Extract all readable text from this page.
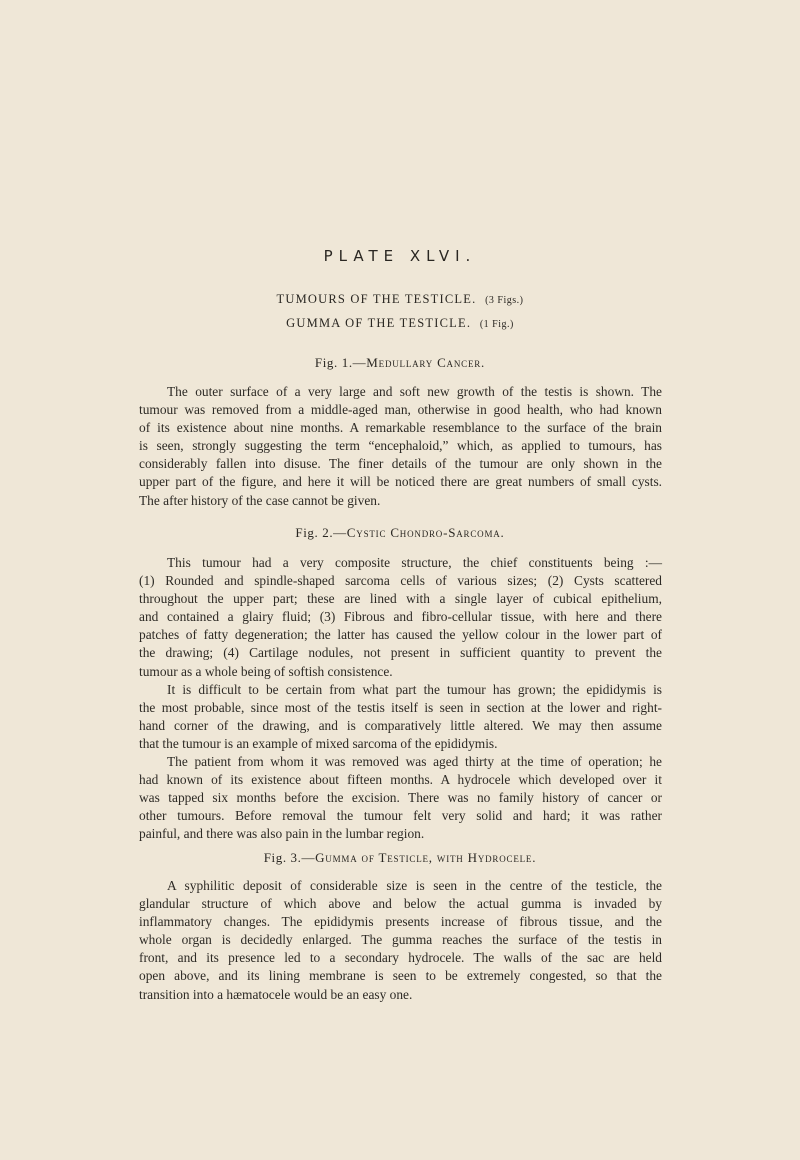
PLATE XLVI.
TUMOURS OF THE TESTICLE. (3 Figs.)
GUMMA OF THE TESTICLE. (1 Fig.)
Fig. 1.—Medullary Cancer.
The outer surface of a very large and soft new growth of the testis is shown. The
tumour was removed from a middle-aged man, otherwise in good health, who had known
of its existence about nine months. A remarkable resemblance to the surface of the brain
is seen, strongly suggesting the term “encephaloid,” which, as applied to tumours, has
considerably fallen into disuse. The finer details of the tumour are only shown in the
upper part of the figure, and here it will be noticed there are great numbers of small cysts.
The after history of the case cannot be given.
Fig. 2.—Cystic Chondro-Sarcoma.
This tumour had a very composite structure, the chief constituents being :—
(1) Rounded and spindle-shaped sarcoma cells of various sizes; (2) Cysts scattered
throughout the upper part; these are lined with a single layer of cubical epithelium,
and contained a glairy fluid; (3) Fibrous and fibro-cellular tissue, with here and there
patches of fatty degeneration; the latter has caused the yellow colour in the lower part of
the drawing; (4) Cartilage nodules, not present in sufficient quantity to prevent the
tumour as a whole being of softish consistence.
It is difficult to be certain from what part the tumour has grown; the epididymis is
the most probable, since most of the testis itself is seen in section at the lower and right-
hand corner of the drawing, and is comparatively little altered. We may then assume
that the tumour is an example of mixed sarcoma of the epididymis.
The patient from whom it was removed was aged thirty at the time of operation; he
had known of its existence about fifteen months. A hydrocele which developed over it
was tapped six months before the excision. There was no family history of cancer or
other tumours. Before removal the tumour felt very solid and hard; it was rather
painful, and there was also pain in the lumbar region.
Fig. 3.—Gumma of Testicle, with Hydrocele.
A syphilitic deposit of considerable size is seen in the centre of the testicle, the
glandular structure of which above and below the actual gumma is invaded by
inflammatory changes. The epididymis presents increase of fibrous tissue, and the
whole organ is decidedly enlarged. The gumma reaches the surface of the testis in
front, and its presence led to a secondary hydrocele. The walls of the sac are held
open above, and its lining membrane is seen to be extremely congested, so that the
transition into a hæmatocele would be an easy one.
